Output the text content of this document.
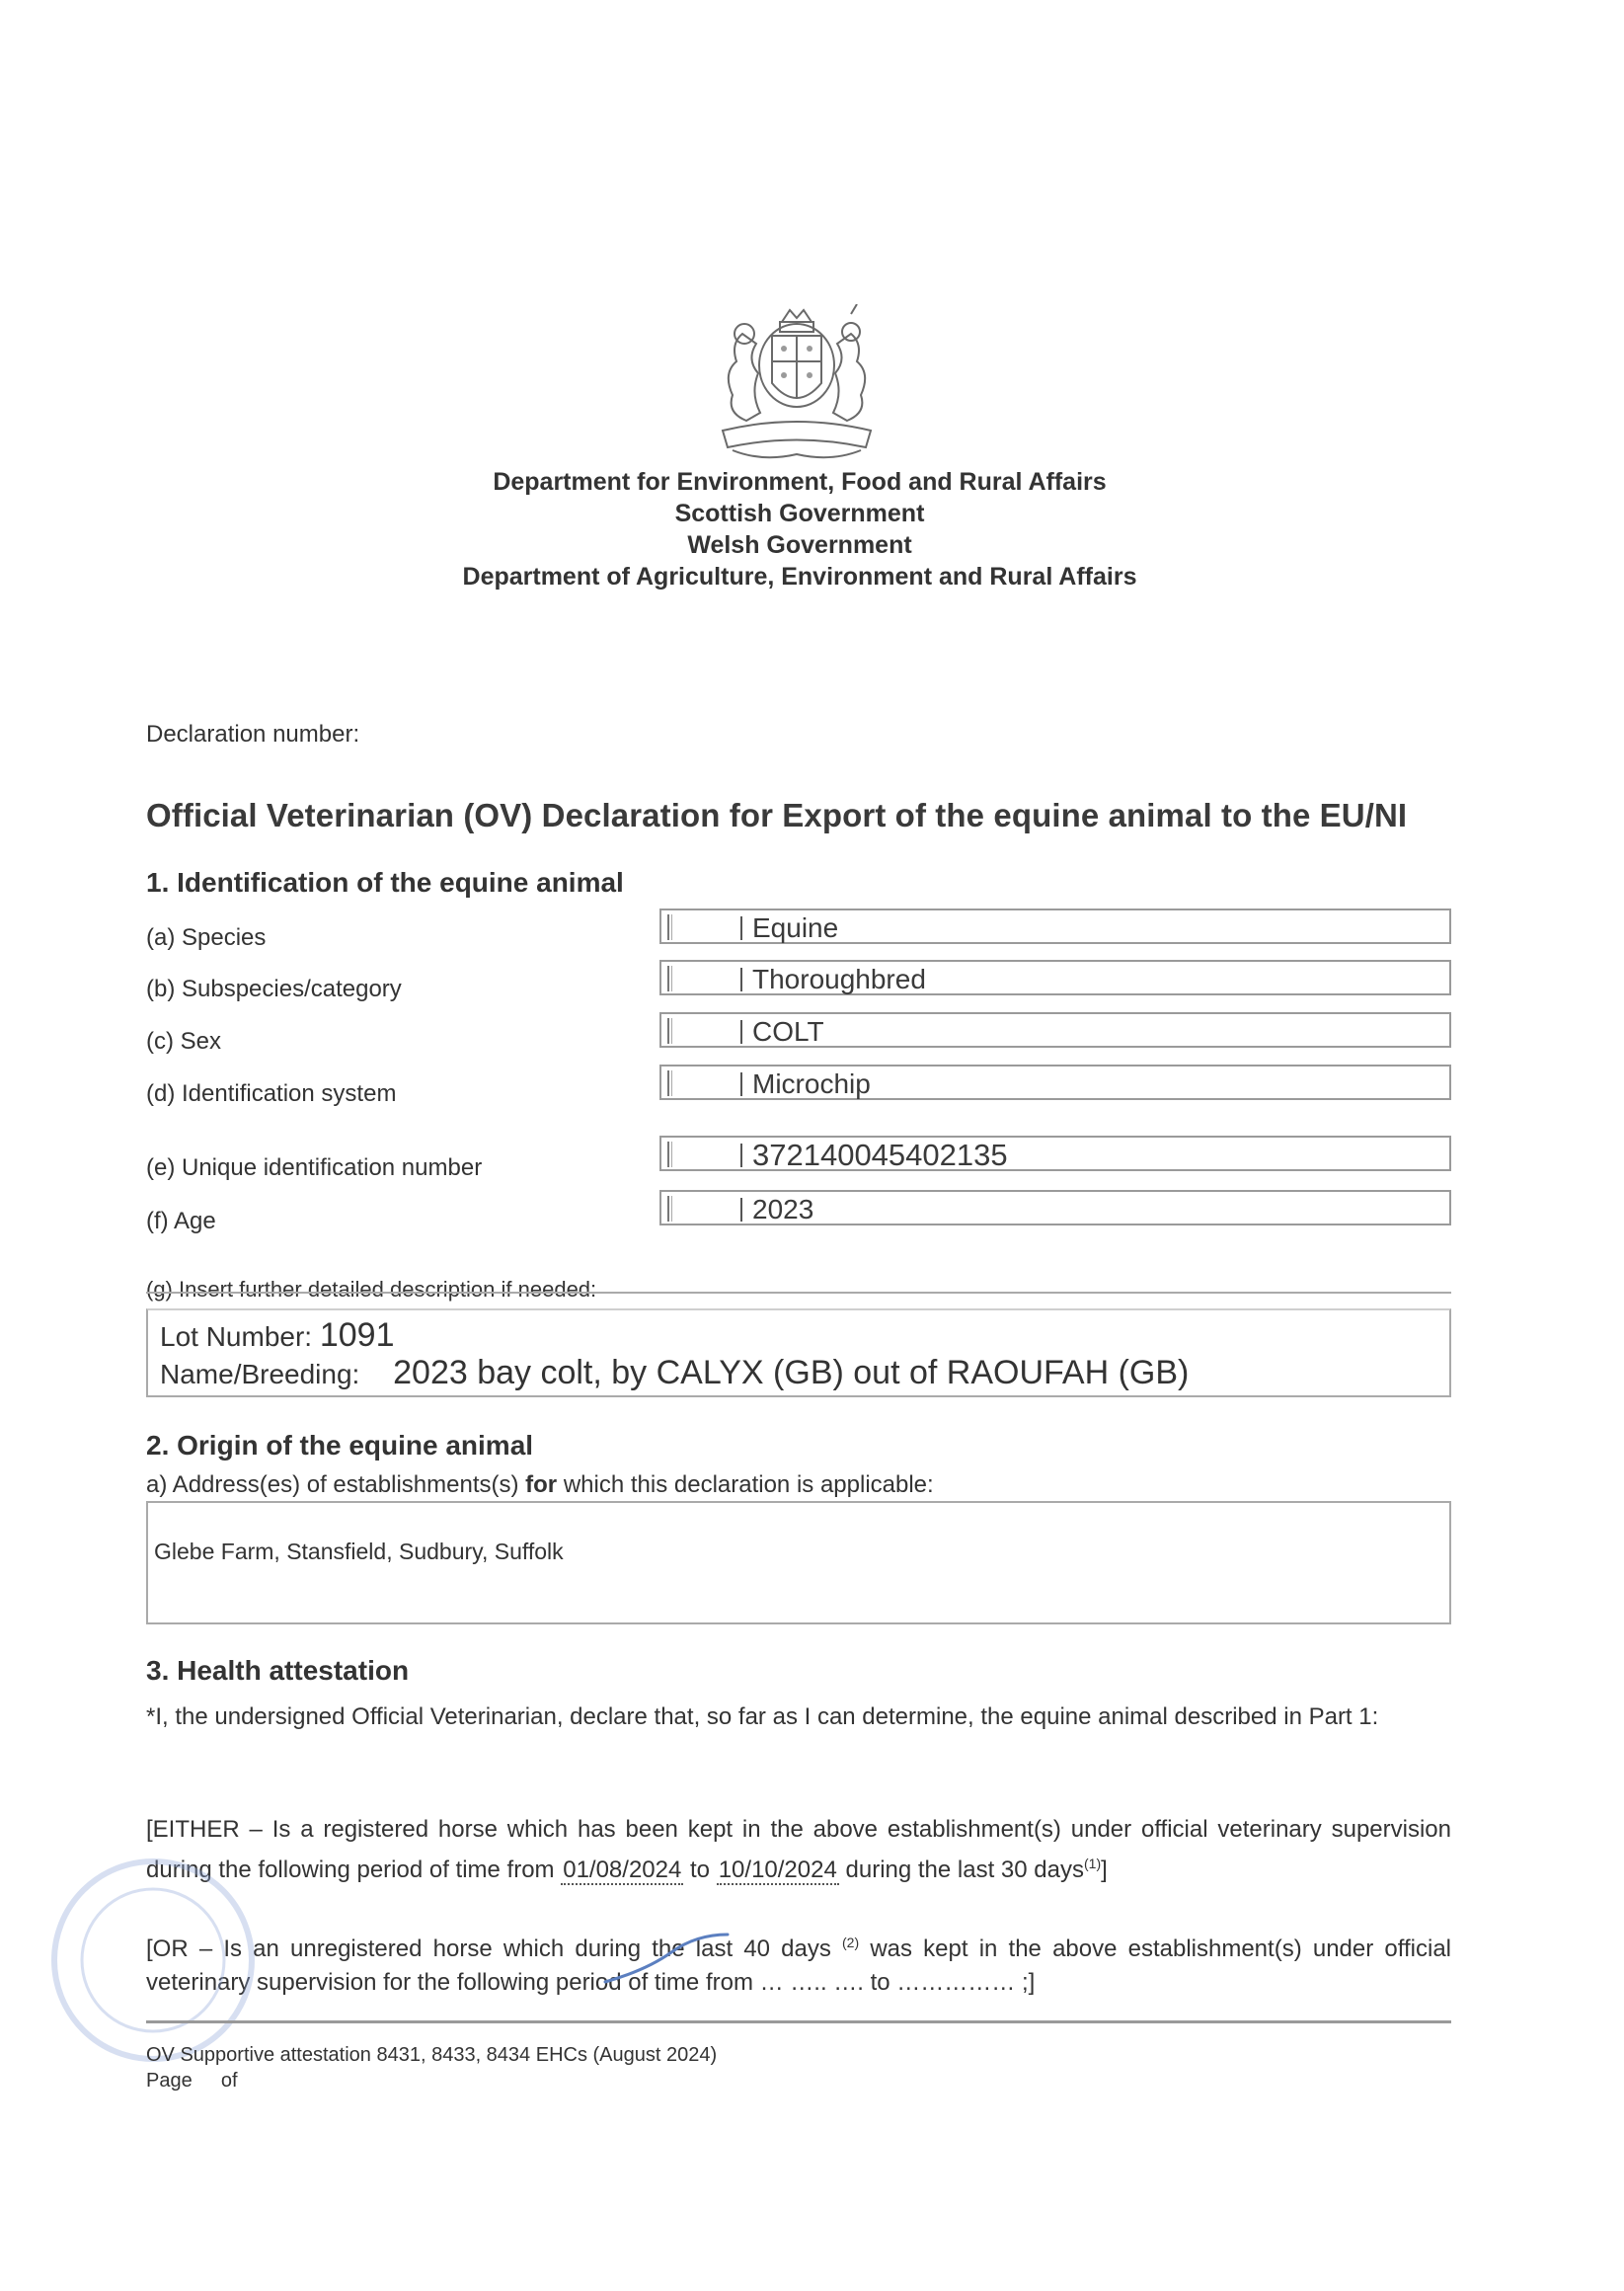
Department for Environment, Food and Rural Affairs
Scottish Government
Welsh Government
Department of Agriculture, Environment and Rural Affairs
Declaration number:
Official Veterinarian (OV) Declaration for Export of the equine animal to the EU/NI
1. Identification of the equine animal
(a) Species	Equine
(b) Subspecies/category	Thoroughbred
(c) Sex	COLT
(d) Identification system	Microchip
(e) Unique identification number	372140045402135
(f) Age	2023
(g) Insert further detailed description if needed:
Lot Number: 1091
Name/Breeding: 2023 bay colt, by CALYX (GB) out of RAOUFAH (GB)
2. Origin of the equine animal
a) Address(es) of establishments(s) for which this declaration is applicable:
Glebe Farm, Stansfield, Sudbury, Suffolk
3. Health attestation
*I, the undersigned Official Veterinarian, declare that, so far as I can determine, the equine animal described in Part 1:
[EITHER – Is a registered horse which has been kept in the above establishment(s) under official veterinary supervision during the following period of time from 01/08/2024 to 10/10/2024 during the last 30 days$^{(1)}$]
[OR – Is an unregistered horse which during the last 40 days $^{(2)}$ was kept in the above establishment(s) under official veterinary supervision for the following period of time from … ….. …. to …………… ;]
OV Supportive attestation 8431, 8433, 8434 EHCs (August 2024)
Page of
